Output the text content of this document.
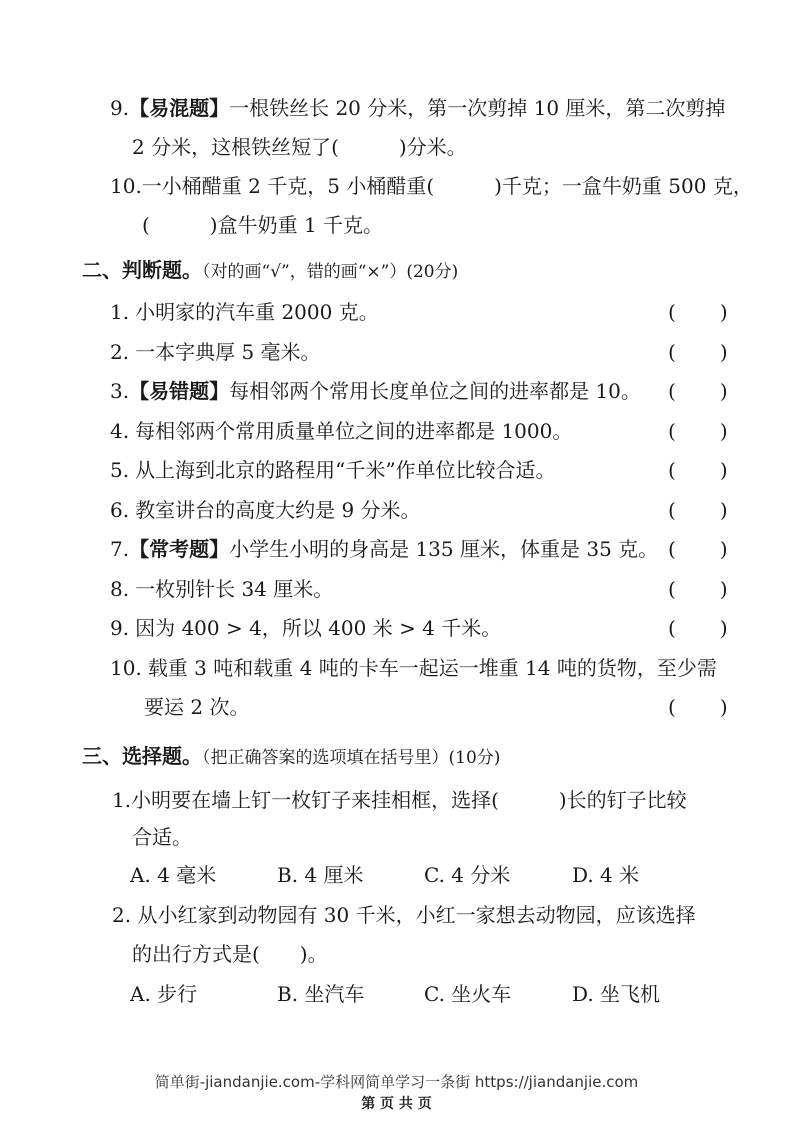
9.【易混题】一根铁丝长 20 分米，第一次剪掉 10 厘米，第二次剪掉
2 分米，这根铁丝短了(　　　)分米。
10.一小桶醋重 2 千克，5 小桶醋重(　　　)千克；一盒牛奶重 500 克，
(　　　)盒牛奶重 1 千克。
二、判断题。（对的画“√”，错的画“×”）(20分)
1. 小明家的汽车重 2000 克。	( )
2. 一本字典厚 5 毫米。	( )
3.【易错题】每相邻两个常用长度单位之间的进率都是 10。 ( )
4. 每相邻两个常用质量单位之间的进率都是 1000。	( )
5. 从上海到北京的路程用“千米”作单位比较合适。	( )
6. 教室讲台的高度大约是 9 分米。	( )
7.【常考题】小学生小明的身高是 135 厘米，体重是 35 克。 ( )
8. 一枚别针长 34 厘米。	( )
9. 因为 400 > 4，所以 400 米 > 4 千米。	( )
10. 载重 3 吨和载重 4 吨的卡车一起运一堆重 14 吨的货物，至少需
要运 2 次。	( )
三、选择题。（把正确答案的选项填在括号里）(10分)
1.小明要在墙上钉一枚钉子来挂相框，选择(　　　)长的钉子比较
合适。
A. 4 毫米	B. 4 厘米	C. 4 分米	D. 4 米
2. 从小红家到动物园有 30 千米，小红一家想去动物园，应该选择
的出行方式是(　　)。
A. 步行	B. 坐汽车	C. 坐火车	D. 坐飞机
简单街-jiandanjie.com-学科网简单学习一条街 https://jiandanjie.com
第 页 共 页
